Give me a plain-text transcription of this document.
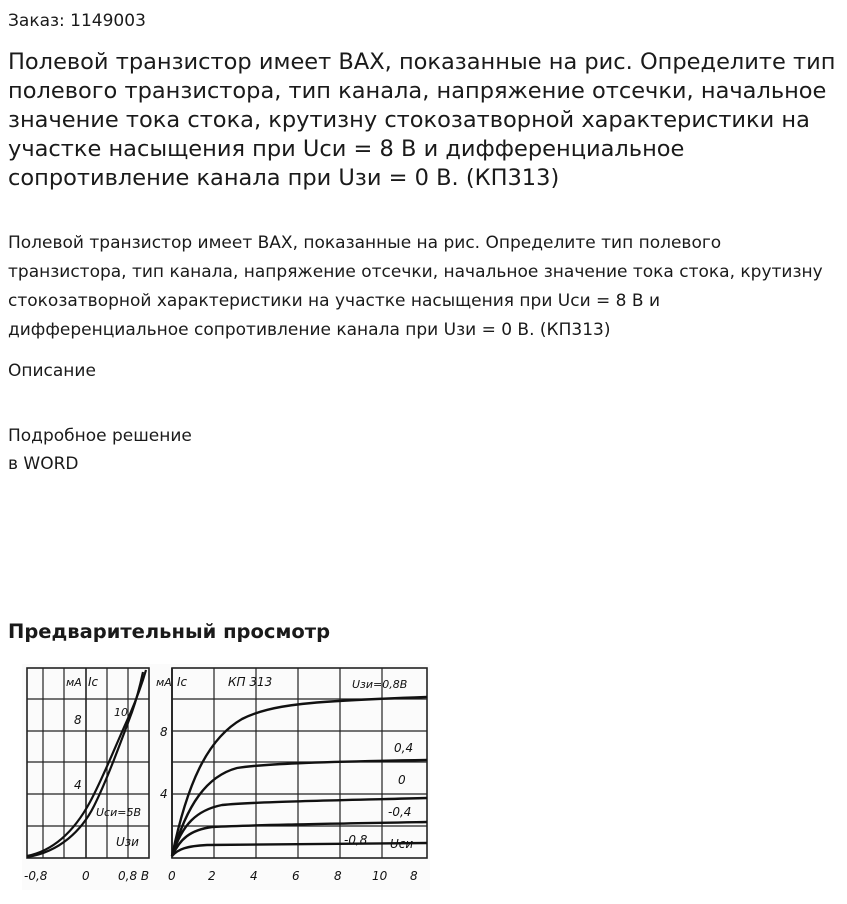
Заказ: 1149003
Полевой транзистор имеет ВАХ, показанные на рис. Определите тип полевого транзистора, тип канала, напряжение отсечки, начальное значение тока стока, крутизну стокозатворной характеристики на участке насыщения при Uси = 8 В и дифференциальное сопротивление канала при Uзи = 0 В. (КП313)

Полевой транзистор имеет ВАХ, показанные на рис. Определите тип полевого транзистора, тип канала, напряжение отсечки, начальное значение тока стока, крутизну стокозатворной характеристики на участке насыщения при Uси = 8 В и дифференциальное сопротивление канала при Uзи = 0 В. (КП313)

Описание
Подробное решение
в WORD
Предварительный просмотр
мА Ic
8
4
10
Ucи=5В
Uзи
-0,8	0 0,8 В
мА Ic	КП 313	Uзи=0,8В
0,4
0
-0,4
-0,8 Ucи
8
4
0	2	4	6	8	10 8
